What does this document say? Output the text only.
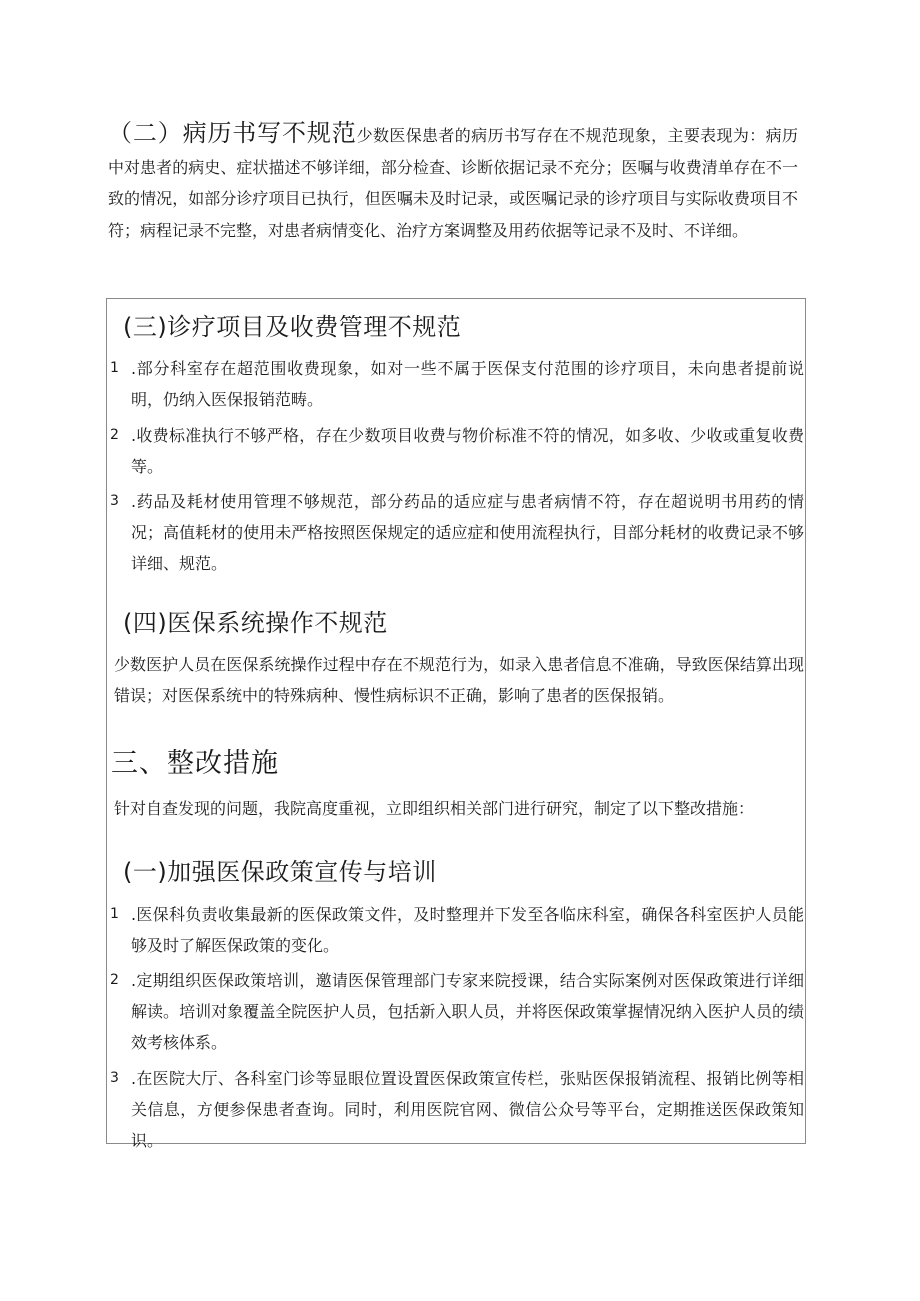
（二）病历书写不规范少数医保患者的病历书写存在不规范现象，主要表现为：病历中对患者的病史、症状描述不够详细，部分检查、诊断依据记录不充分；医嘱与收费清单存在不一致的情况，如部分诊疗项目已执行，但医嘱未及时记录，或医嘱记录的诊疗项目与实际收费项目不符；病程记录不完整，对患者病情变化、治疗方案调整及用药依据等记录不及时、不详细。
(三)诊疗项目及收费管理不规范
1 .部分科室存在超范围收费现象，如对一些不属于医保支付范围的诊疗项目，未向患者提前说明，仍纳入医保报销范畴。
2 .收费标准执行不够严格，存在少数项目收费与物价标准不符的情况，如多收、少收或重复收费等。
3 .药品及耗材使用管理不够规范，部分药品的适应症与患者病情不符，存在超说明书用药的情况；高值耗材的使用未严格按照医保规定的适应症和使用流程执行，目部分耗材的收费记录不够详细、规范。
(四)医保系统操作不规范
少数医护人员在医保系统操作过程中存在不规范行为，如录入患者信息不准确，导致医保结算出现错误；对医保系统中的特殊病种、慢性病标识不正确，影响了患者的医保报销。
三、整改措施
针对自查发现的问题，我院高度重视，立即组织相关部门进行研究，制定了以下整改措施：
(一)加强医保政策宣传与培训
1 .医保科负责收集最新的医保政策文件，及时整理并下发至各临床科室，确保各科室医护人员能够及时了解医保政策的变化。
2 .定期组织医保政策培训，邀请医保管理部门专家来院授课，结合实际案例对医保政策进行详细解读。培训对象覆盖全院医护人员，包括新入职人员，并将医保政策掌握情况纳入医护人员的绩效考核体系。
3 .在医院大厅、各科室门诊等显眼位置设置医保政策宣传栏，张贴医保报销流程、报销比例等相关信息，方便参保患者查询。同时，利用医院官网、微信公众号等平台，定期推送医保政策知识。
